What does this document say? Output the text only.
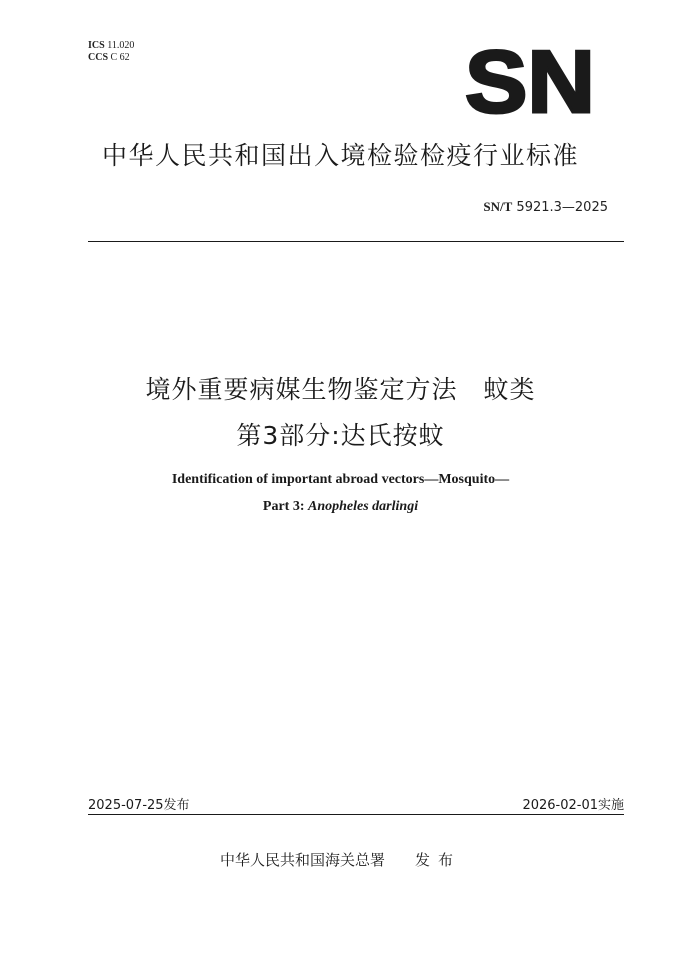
ICS 11.020
CCS C 62	SN
中华人民共和国出入境检验检疫行业标准
SN/T 5921.3—2025
境外重要病媒生物鉴定方法　蚊类
第3部分:达氏按蚊
Identification of important abroad vectors—Mosquito—
Part 3: Anopheles darlingi
2025-07-25发布	2026-02-01实施
中华人民共和国海关总署 发布
